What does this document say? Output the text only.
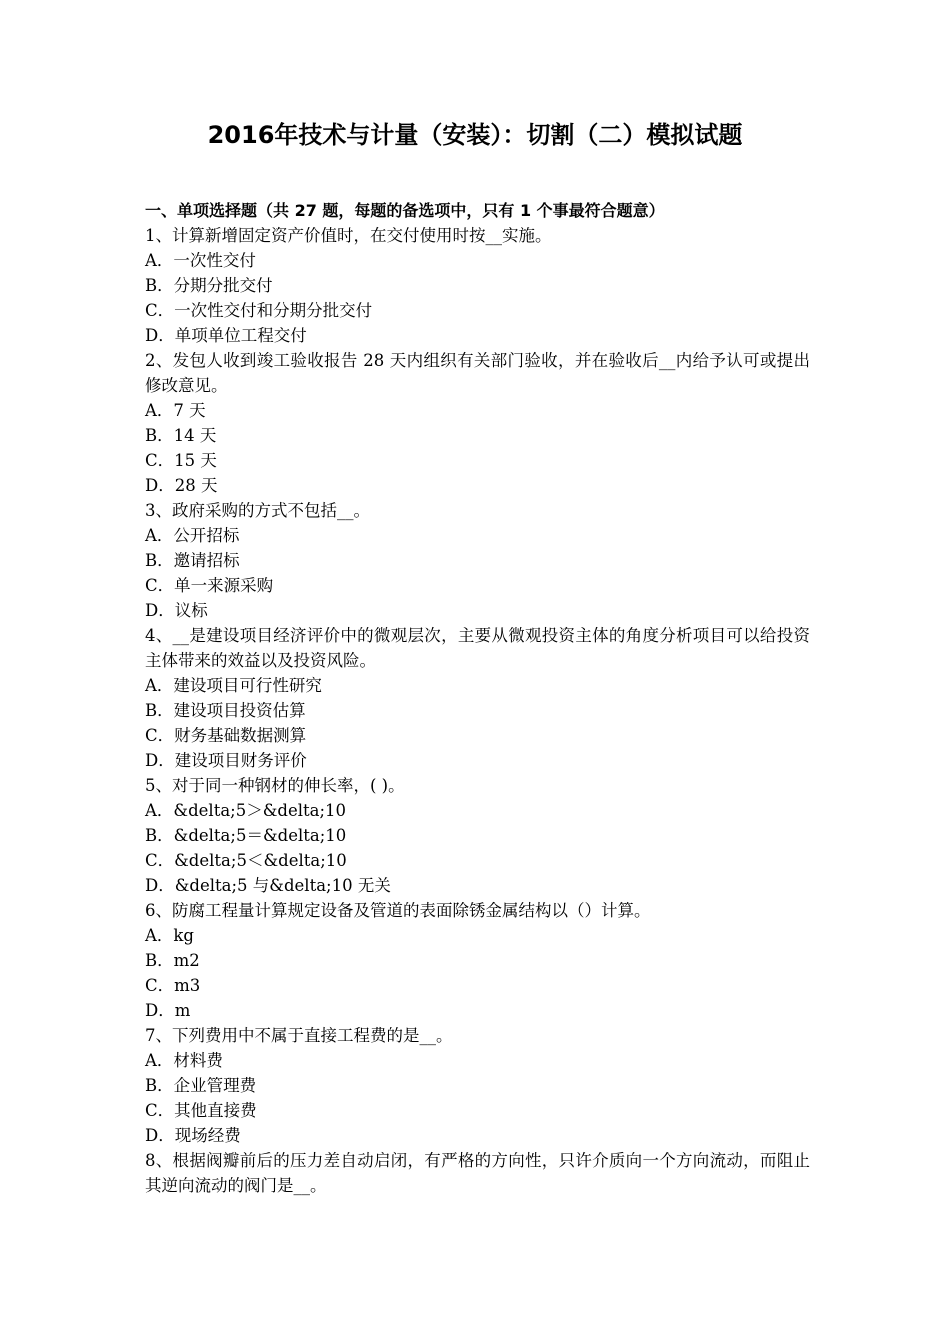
2016年技术与计量（安装）：切割（二）模拟试题
一、单项选择题（共 27 题，每题的备选项中，只有 1 个事最符合题意）
1、计算新增固定资产价值时，在交付使用时按__实施。
A．一次性交付
B．分期分批交付
C．一次性交付和分期分批交付
D．单项单位工程交付
2、发包人收到竣工验收报告 28 天内组织有关部门验收，并在验收后__内给予认可或提出修改意见。
A．7 天
B．14 天
C．15 天
D．28 天
3、政府采购的方式不包括__。
A．公开招标
B．邀请招标
C．单一来源采购
D．议标
4、__是建设项目经济评价中的微观层次，主要从微观投资主体的角度分析项目可以给投资主体带来的效益以及投资风险。
A．建设项目可行性研究
B．建设项目投资估算
C．财务基础数据测算
D．建设项目财务评价
5、对于同一种钢材的伸长率，( )。
A．&delta;5＞&delta;10
B．&delta;5＝&delta;10
C．&delta;5＜&delta;10
D．&delta;5 与&delta;10 无关
6、防腐工程量计算规定设备及管道的表面除锈金属结构以（）计算。
A．kg
B．m2
C．m3
D．m
7、下列费用中不属于直接工程费的是__。
A．材料费
B．企业管理费
C．其他直接费
D．现场经费
8、根据阀瓣前后的压力差自动启闭，有严格的方向性，只许介质向一个方向流动，而阻止其逆向流动的阀门是__。
